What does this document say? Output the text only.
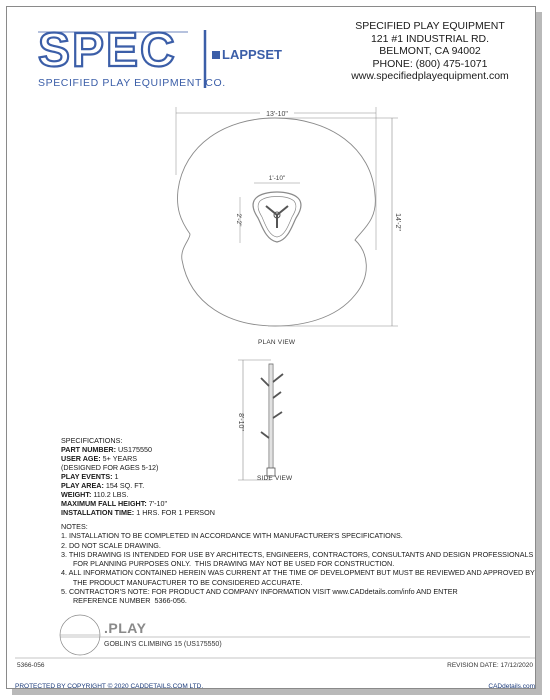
SPEC
SPECIFIED PLAY EQUIPMENT CO.
LAPPSET
SPECIFIED PLAY EQUIPMENT
121 #1 INDUSTRIAL RD.
BELMONT, CA 94002
PHONE: (800) 475-1071
www.specifiedplayequipment.com
13'-10"
14'-2"
1'-10"
2'-2"
PLAN VIEW
8'-10"
SIDE VIEW
SPECIFICATIONS:
PART NUMBER: US175550
USER AGE: 5+ YEARS
(DESIGNED FOR AGES 5-12)
PLAY EVENTS: 1
PLAY AREA: 154 SQ. FT.
WEIGHT: 110.2 LBS.
MAXIMUM FALL HEIGHT: 7'-10"
INSTALLATION TIME: 1 HRS. FOR 1 PERSON
NOTES:
1. INSTALLATION TO BE COMPLETED IN ACCORDANCE WITH MANUFACTURER'S SPECIFICATIONS.
2. DO NOT SCALE DRAWING.
3. THIS DRAWING IS INTENDED FOR USE BY ARCHITECTS, ENGINEERS, CONTRACTORS, CONSULTANTS AND DESIGN PROFESSIONALS
FOR PLANNING PURPOSES ONLY.  THIS DRAWING MAY NOT BE USED FOR CONSTRUCTION.
4. ALL INFORMATION CONTAINED HEREIN WAS CURRENT AT THE TIME OF DEVELOPMENT BUT MUST BE REVIEWED AND APPROVED BY
THE PRODUCT MANUFACTURER TO BE CONSIDERED ACCURATE.
5. CONTRACTOR'S NOTE: FOR PRODUCT AND COMPANY INFORMATION VISIT www.CADdetails.com/info AND ENTER
REFERENCE NUMBER  5366-056.
.PLAY
GOBLIN'S CLIMBING 15 (US175550)
5366-056	REVISION DATE: 17/12/2020
PROTECTED BY COPYRIGHT © 2020 CADDETAILS.COM LTD.	CADdetails.com
